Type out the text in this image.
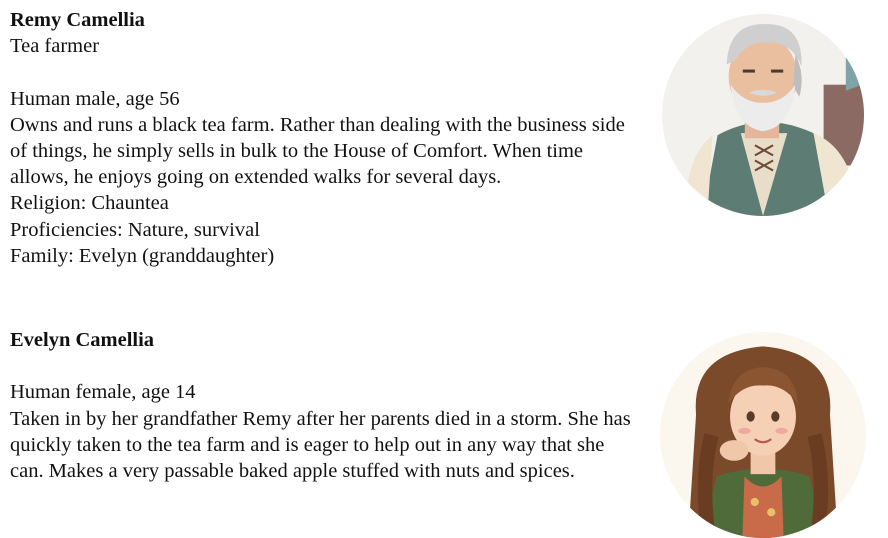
Remy Camellia

Tea farmer

Human male, age 56

Owns and runs a black tea farm. Rather than dealing with the business side of things, he simply sells in bulk to the House of Comfort. When time allows, he enjoys going on extended walks for several days.

Religion: Chauntea

Proficiencies: Nature, survival

Family: Evelyn (granddaughter)

Evelyn Camellia

Human female, age 14

Taken in by her grandfather Remy after her parents died in a storm. She has quickly taken to the tea farm and is eager to help out in any way that she can. Makes a very passable baked apple stuffed with nuts and spices.
